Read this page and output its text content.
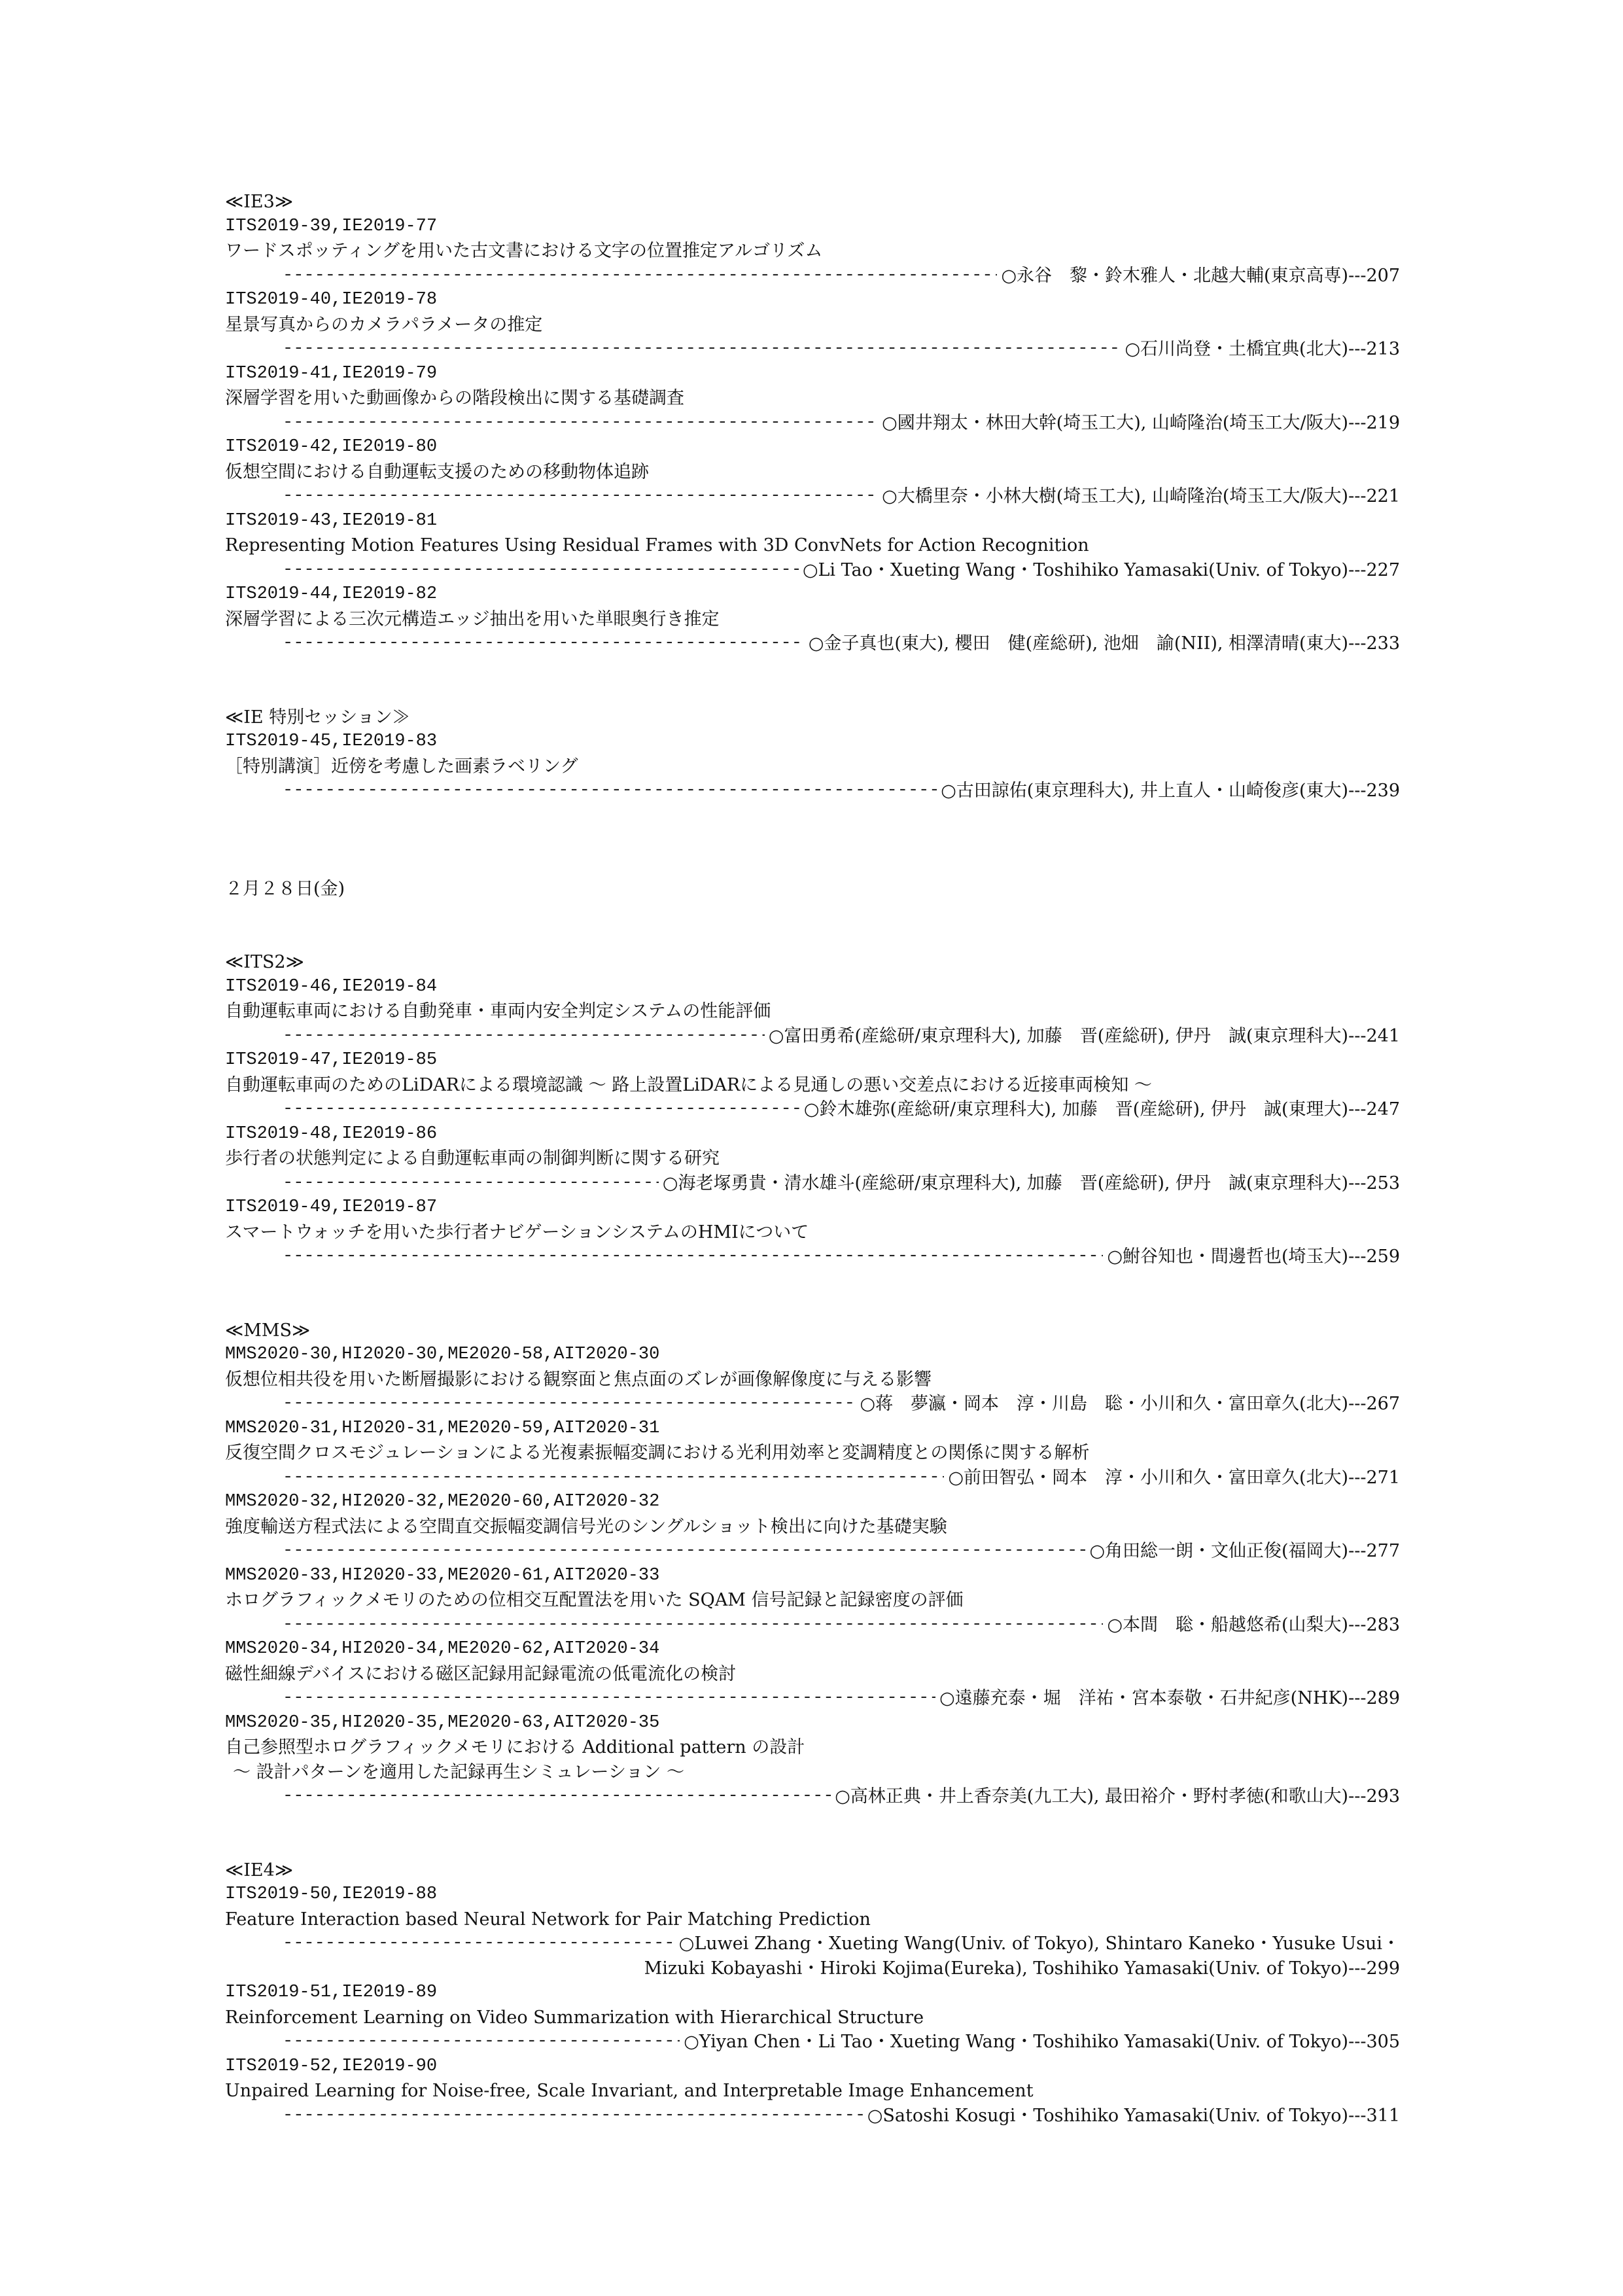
≪IE3≫
ITS2019-39,IE2019-77
ワードスポッティングを用いた古文書における文字の位置推定アルゴリズム
-----
○永谷　黎・鈴木雅人・北越大輔(東京高専)---207
ITS2019-40,IE2019-78
星景写真からのカメラパラメータの推定
-----
○石川尚登・土橋宜典(北大)---213
ITS2019-41,IE2019-79
深層学習を用いた動画像からの階段検出に関する基礎調査
-----
○國井翔太・林田大幹(埼玉工大), 山崎隆治(埼玉工大/阪大)---219
ITS2019-42,IE2019-80
仮想空間における自動運転支援のための移動物体追跡
-----
○大橋里奈・小林大樹(埼玉工大), 山崎隆治(埼玉工大/阪大)---221
ITS2019-43,IE2019-81
Representing Motion Features Using Residual Frames with 3D ConvNets for Action Recognition
-----
○Li Tao・Xueting Wang・Toshihiko Yamasaki(Univ. of Tokyo)---227
ITS2019-44,IE2019-82
深層学習による三次元構造エッジ抽出を用いた単眼奥行き推定
-----
○金子真也(東大), 櫻田　健(産総研), 池畑　諭(NII), 相澤清晴(東大)---233
≪IE 特別セッション≫
ITS2019-45,IE2019-83
［特別講演］近傍を考慮した画素ラベリング
-----
○古田諒佑(東京理科大), 井上直人・山崎俊彦(東大)---239
２月２８日(金)
≪ITS2≫
ITS2019-46,IE2019-84
自動運転車両における自動発車・車両内安全判定システムの性能評価
-----
○富田勇希(産総研/東京理科大), 加藤　晋(産総研), 伊丹　誠(東京理科大)---241
ITS2019-47,IE2019-85
自動運転車両のためのLiDARによる環境認識 ～ 路上設置LiDARによる見通しの悪い交差点における近接車両検知 ～
-----
○鈴木雄弥(産総研/東京理科大), 加藤　晋(産総研), 伊丹　誠(東理大)---247
ITS2019-48,IE2019-86
歩行者の状態判定による自動運転車両の制御判断に関する研究
-----
○海老塚勇貴・清水雄斗(産総研/東京理科大), 加藤　晋(産総研), 伊丹　誠(東京理科大)---253
ITS2019-49,IE2019-87
スマートウォッチを用いた歩行者ナビゲーションシステムのHMIについて
-----
○鮒谷知也・間邊哲也(埼玉大)---259
≪MMS≫
MMS2020-30,HI2020-30,ME2020-58,AIT2020-30
仮想位相共役を用いた断層撮影における観察面と焦点面のズレが画像解像度に与える影響
-----
○蒋　夢瀛・岡本　淳・川島　聡・小川和久・富田章久(北大)---267
MMS2020-31,HI2020-31,ME2020-59,AIT2020-31
反復空間クロスモジュレーションによる光複素振幅変調における光利用効率と変調精度との関係に関する解析
-----
○前田智弘・岡本　淳・小川和久・富田章久(北大)---271
MMS2020-32,HI2020-32,ME2020-60,AIT2020-32
強度輸送方程式法による空間直交振幅変調信号光のシングルショット検出に向けた基礎実験
-----
○角田総一朗・文仙正俊(福岡大)---277
MMS2020-33,HI2020-33,ME2020-61,AIT2020-33
ホログラフィックメモリのための位相交互配置法を用いた SQAM 信号記録と記録密度の評価
-----
○本間　聡・船越悠希(山梨大)---283
MMS2020-34,HI2020-34,ME2020-62,AIT2020-34
磁性細線デバイスにおける磁区記録用記録電流の低電流化の検討
-----
○遠藤充泰・堀　洋祐・宮本泰敬・石井紀彦(NHK)---289
MMS2020-35,HI2020-35,ME2020-63,AIT2020-35
自己参照型ホログラフィックメモリにおける Additional pattern の設計
～ 設計パターンを適用した記録再生シミュレーション ～
-----
○高林正典・井上香奈美(九工大), 最田裕介・野村孝徳(和歌山大)---293
≪IE4≫
ITS2019-50,IE2019-88
Feature Interaction based Neural Network for Pair Matching Prediction
-----
○Luwei Zhang・Xueting Wang(Univ. of Tokyo), Shintaro Kaneko・Yusuke Usui・
Mizuki Kobayashi・Hiroki Kojima(Eureka), Toshihiko Yamasaki(Univ. of Tokyo)---299
ITS2019-51,IE2019-89
Reinforcement Learning on Video Summarization with Hierarchical Structure
-----
○Yiyan Chen・Li Tao・Xueting Wang・Toshihiko Yamasaki(Univ. of Tokyo)---305
ITS2019-52,IE2019-90
Unpaired Learning for Noise-free, Scale Invariant, and Interpretable Image Enhancement
-----
○Satoshi Kosugi・Toshihiko Yamasaki(Univ. of Tokyo)---311
